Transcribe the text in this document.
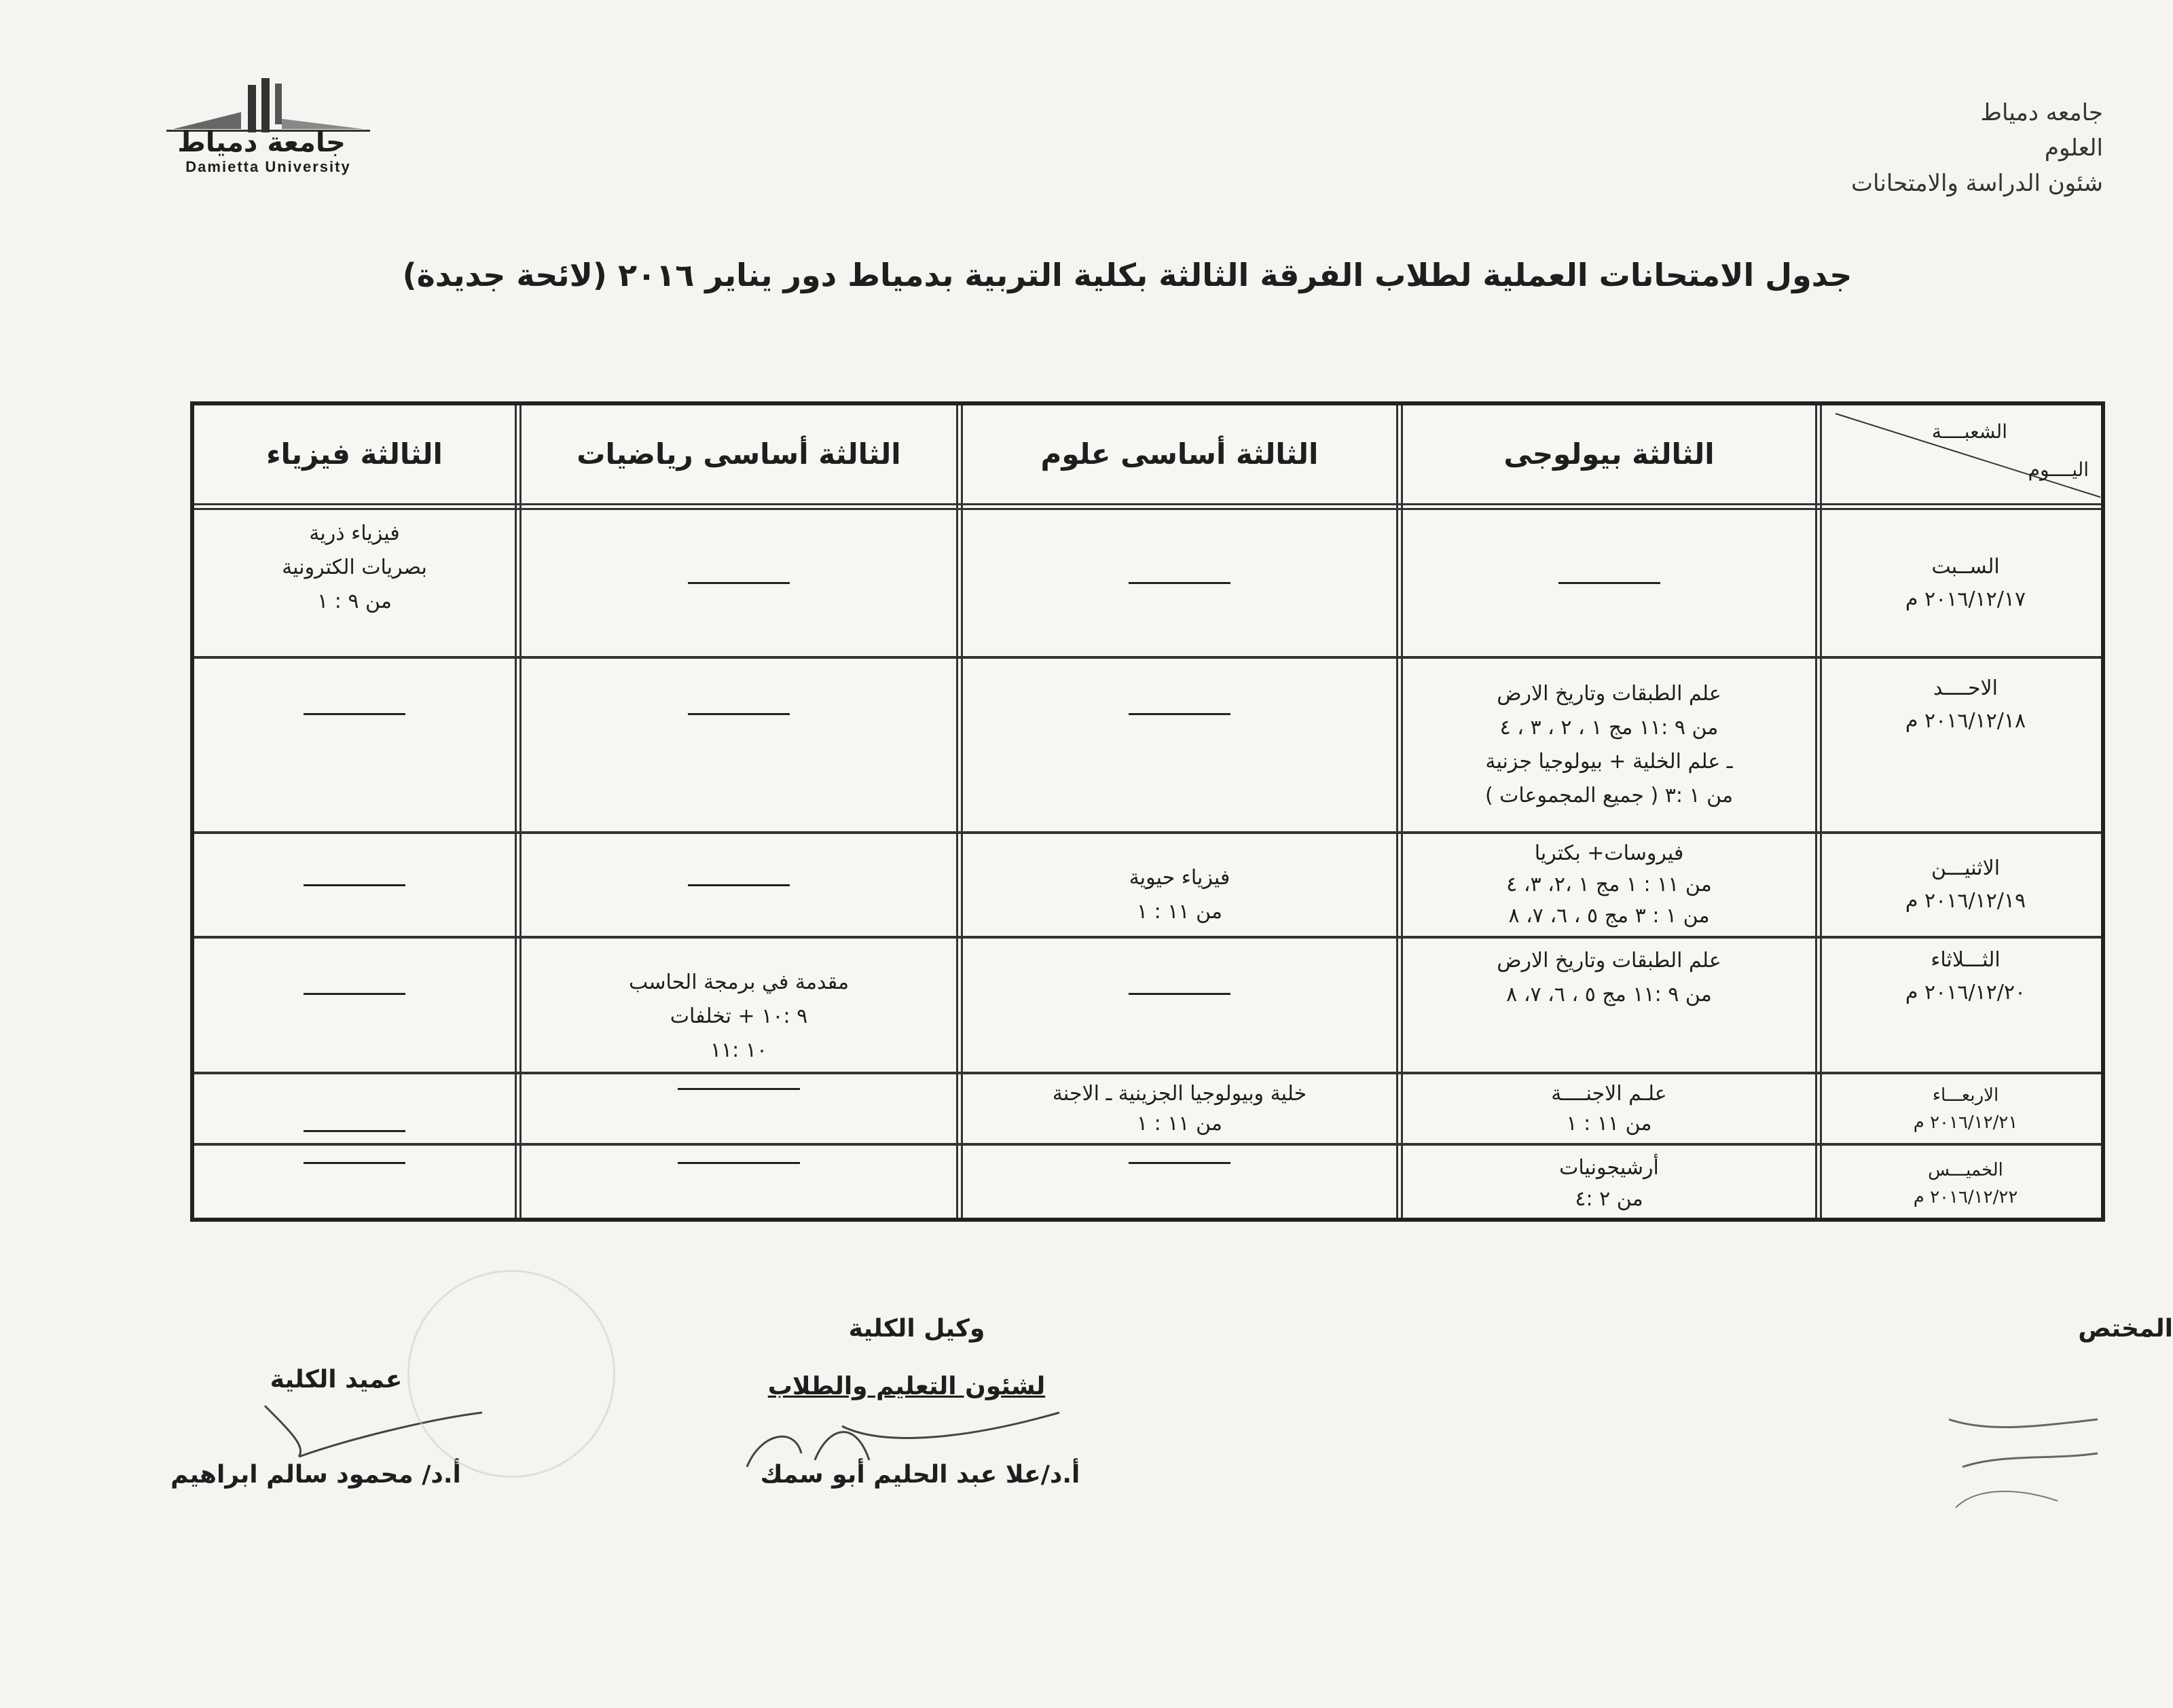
جامعة دمياط
Damietta University
جامعه دمياط
العلوم
شئون الدراسة والامتحانات
جدول الامتحانات العملية لطلاب الفرقة الثالثة بكلية التربية بدمياط دور يناير ٢٠١٦ (لائحة جديدة)
الشعبــــة
اليــــوم
الثالثة بيولوجى
الثالثة أساسى علوم
الثالثة أساسى رياضيات
الثالثة فيزياء
الســبت
٢٠١٦/١٢/١٧ م
فيزياء ذرية
بصريات الكترونية
من ٩ : ١
الاحــــد
٢٠١٦/١٢/١٨ م
علم الطبقات وتاريخ الارض
من ٩ :١١ مج ١ ، ٢ ، ٣ ، ٤
ـ علم الخلية + بيولوجيا جزنية
من ١ :٣ ( جميع المجموعات )
الاثنيـــن
٢٠١٦/١٢/١٩ م
فيروسات+ بكتريا
من ١١ : ١ مج ١ ،٢، ٣، ٤
من ١ : ٣ مج ٥ ، ٦، ٧، ٨
فيزياء حيوية
من ١١ : ١
الثـــلاثاء
٢٠١٦/١٢/٢٠ م
علم الطبقات وتاريخ الارض
من ٩ :١١ مج ٥ ، ٦، ٧، ٨
مقدمة في برمجة الحاسب
٩ :١٠ + تخلفات
١٠ :١١
الاربعـــاء
٢٠١٦/١٢/٢١ م
علـم الاجنــــة
من ١١ : ١
خلية وبيولوجيا الجزينية ـ الاجنة
من ١١ : ١
الخميـــس
٢٠١٦/١٢/٢٢ م
أرشيجونيات
من ٢ :٤
عميد الكلية
أ.د/ محمود سالم ابراهيم
وكيل الكلية
لشئون التعليم والطلاب
أ.د/علا عبد الحليم أبو سمك
المختص
